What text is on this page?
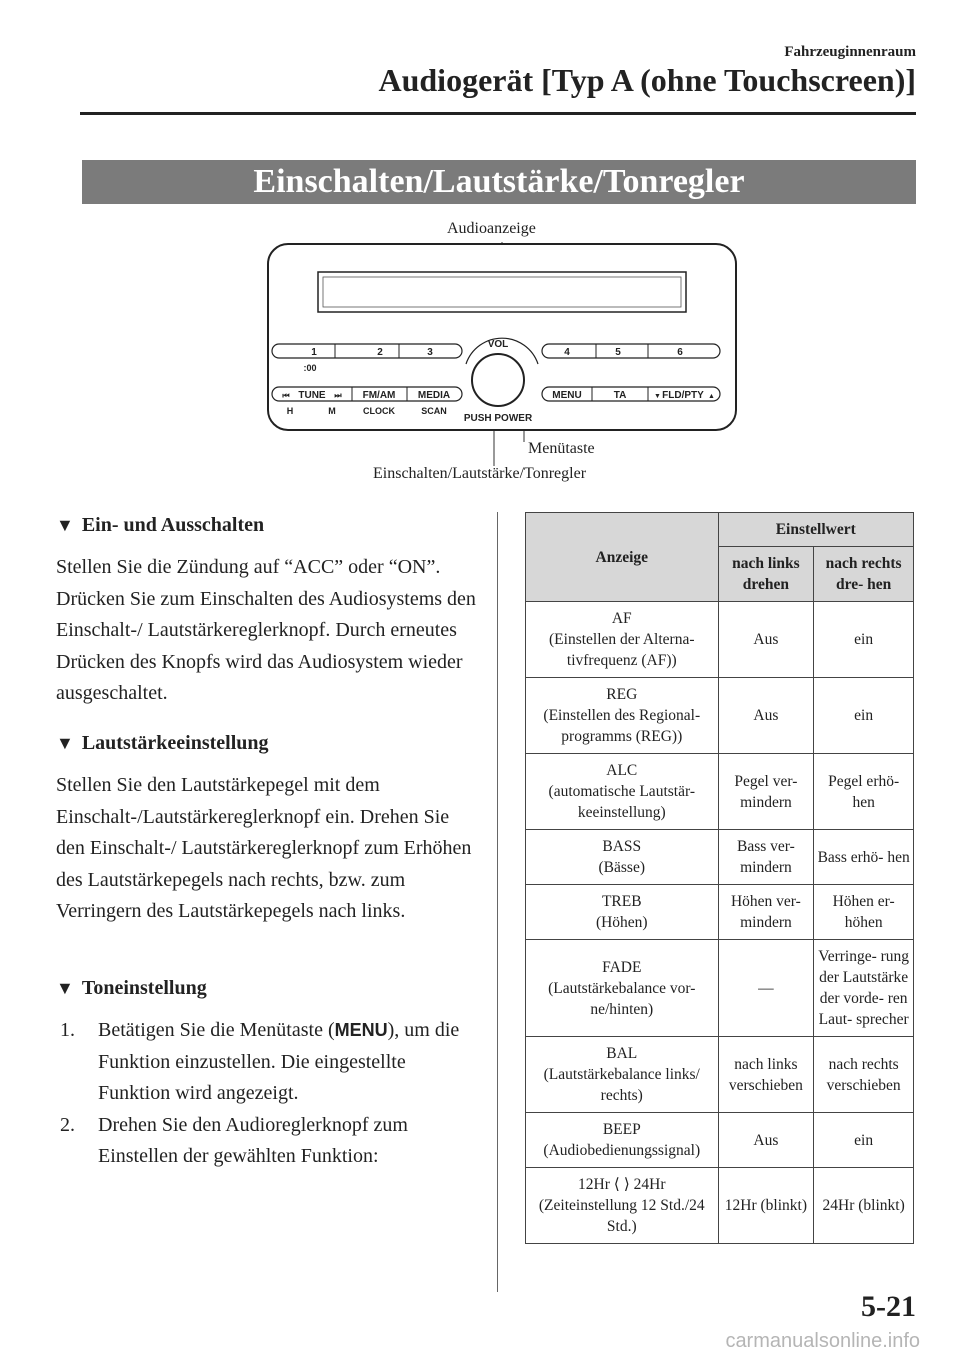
Fahrzeuginnenraum
Audiogerät [Typ A (ohne Touchscreen)]
Einschalten/Lautstärke/Tonregler
Audioanzeige
Menütaste
Einschalten/Lautstärke/Tonregler
1	2	3
:00
4	5	6
VOL
PUSH POWER
⏮ TUNE ⏭ FM/AM MEDIA
H	M	CLOCK	SCAN
MENU	TA	▼ FLD/PTY ▲
▼ Ein- und Ausschalten
Stellen Sie die Zündung auf “ACC” oder “ON”. Drücken Sie zum Einschalten des Audiosystems den Einschalt-/ Lautstärkereglerknopf. Durch erneutes Drücken des Knopfs wird das Audiosystem wieder ausgeschaltet.
▼ Lautstärkeeinstellung
Stellen Sie den Lautstärkepegel mit dem Einschalt-/Lautstärkereglerknopf ein. Drehen Sie den Einschalt-/ Lautstärkereglerknopf zum Erhöhen des Lautstärkepegels nach rechts, bzw. zum Verringern des Lautstärkepegels nach links.
▼ Toneinstellung
1.	Betätigen Sie die Menütaste (MENU), um die Funktion einzustellen. Die eingestellte Funktion wird angezeigt.
2.	Drehen Sie den Audioreglerknopf zum Einstellen der gewählten Funktion:
Anzeige	Einstellwert	
	nach links drehen	nach rechts dre- hen

AF
(Einstellen der Alterna- tivfrequenz (AF))	Aus	ein

REG
(Einstellen des Regional- programms (REG))	Aus	ein

ALC
(automatische Lautstär- keeinstellung)	Pegel ver- mindern	Pegel erhö- hen

BASS
(Bässe)	Bass ver- mindern	Bass erhö- hen

TREB
(Höhen)	Höhen ver- mindern	Höhen er- höhen

FADE
(Lautstärkebalance vor- ne/hinten)	—	Verringe- rung der Lautstärke der vorde- ren Laut- sprecher

BAL
(Lautstärkebalance links/ rechts)	nach links verschieben	nach rechts verschieben

BEEP
(Audiobedienungssignal)	Aus	ein

12Hr ⟨ ⟩ 24Hr
(Zeiteinstellung 12 Std./24 Std.)	12Hr (blinkt)	24Hr (blinkt)
5-21
carmanualsonline.info
